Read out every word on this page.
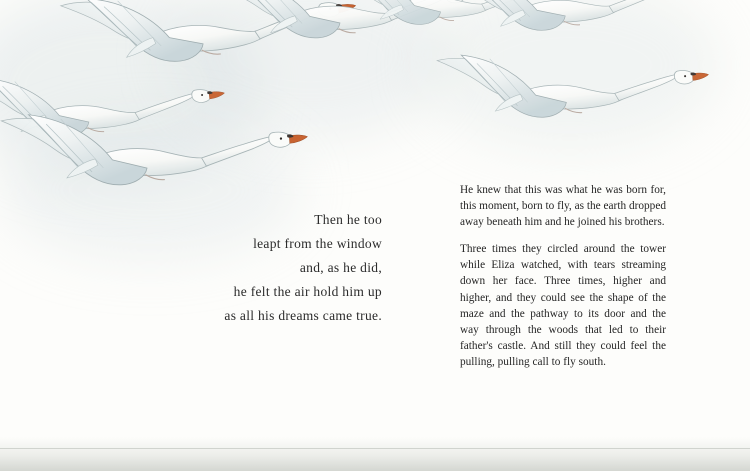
Then he too
leapt from the window
and, as he did,
he felt the air hold him up
as all his dreams came true.

He knew that this was what he was born for, this moment, born to fly, as the earth dropped away beneath him and he joined his brothers.

Three times they circled around the tower while Eliza watched, with tears streaming down her face. Three times, higher and higher, and they could see the shape of the maze and the pathway to its door and the way through the woods that led to their father's castle. And still they could feel the pulling, pulling call to fly south.
